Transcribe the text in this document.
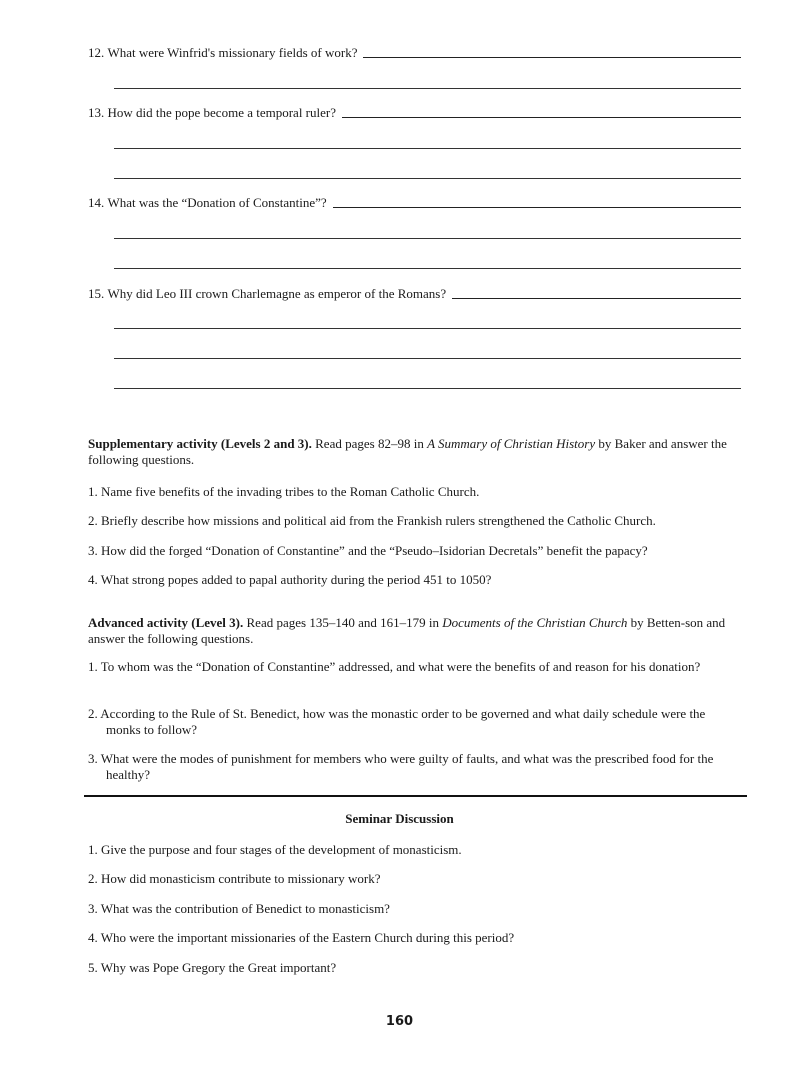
12.
What were Winfrid's missionary fields of work?
13.
How did the pope become a temporal ruler?
14.
What was the “Donation of Constantine”?
15.
Why did Leo III crown Charlemagne as emperor of the Romans?
Supplementary activity (Levels 2 and 3). Read pages 82–98 in A Summary of Christian History by Baker and answer the following questions.
1. Name five benefits of the invading tribes to the Roman Catholic Church.
2. Briefly describe how missions and political aid from the Frankish rulers strengthened the Catholic Church.
3. How did the forged “Donation of Constantine” and the “Pseudo–Isidorian Decretals” benefit the papacy?
4. What strong popes added to papal authority during the period 451 to 1050?
Advanced activity (Level 3). Read pages 135–140 and 161–179 in Documents of the Christian Church by Betten-son and answer the following questions.
1. To whom was the “Donation of Constantine” addressed, and what were the benefits of and reason for his donation?
2. According to the Rule of St. Benedict, how was the monastic order to be governed and what daily schedule were the monks to follow?
3. What were the modes of punishment for members who were guilty of faults, and what was the prescribed food for the healthy?
Seminar Discussion
1. Give the purpose and four stages of the development of monasticism.
2. How did monasticism contribute to missionary work?
3. What was the contribution of Benedict to monasticism?
4. Who were the important missionaries of the Eastern Church during this period?
5. Why was Pope Gregory the Great important?
160
